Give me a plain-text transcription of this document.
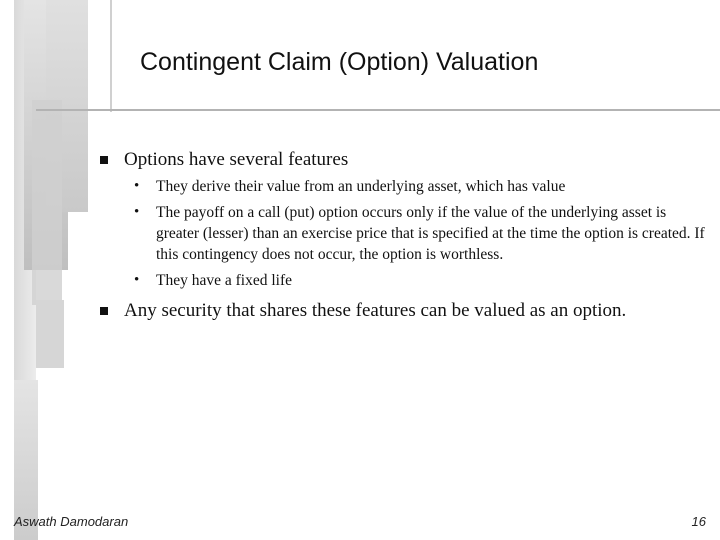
Contingent Claim (Option) Valuation
Options have several features
• They derive their value from an underlying asset, which has value
• The payoff on a call (put) option occurs only if the value of the underlying asset is greater (lesser) than an exercise price that is specified at the time the option is created. If this contingency does not occur, the option is worthless.
• They have a fixed life
Any security that shares these features can be valued as an option.
Aswath Damodaran	16
